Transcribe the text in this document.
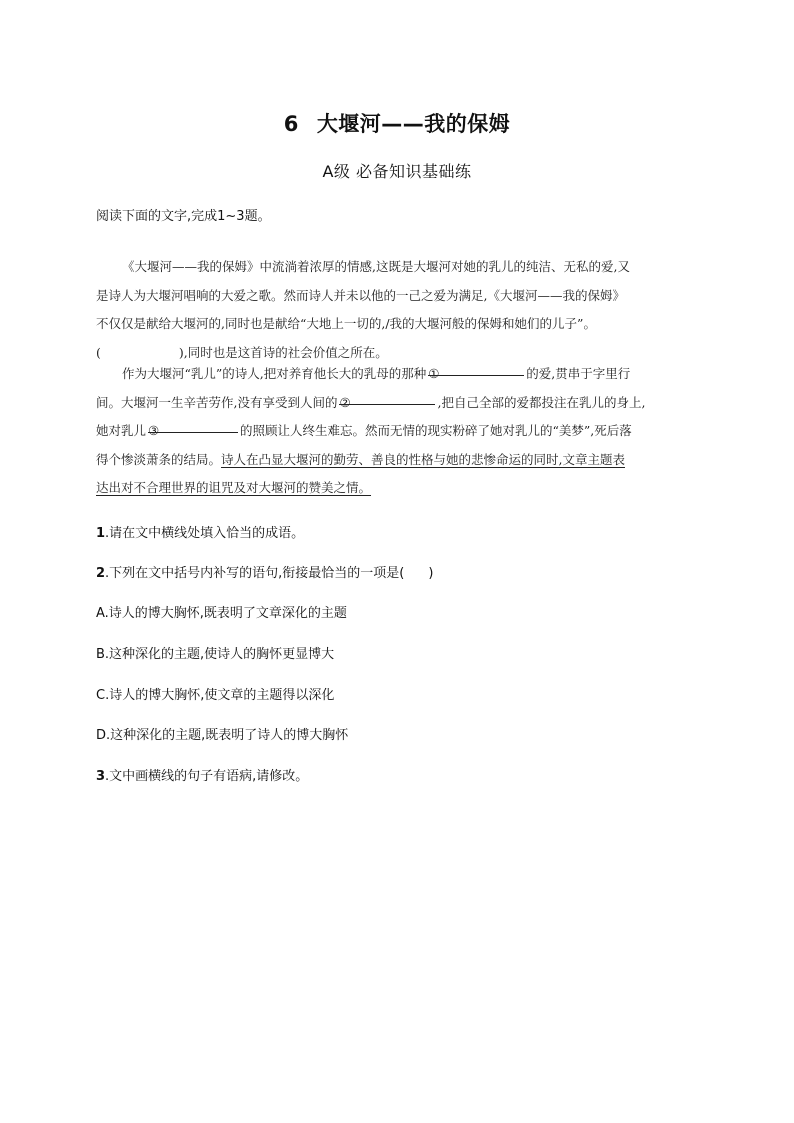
6 大堰河——我的保姆
A级 必备知识基础练
阅读下面的文字,完成1~3题。
《大堰河——我的保姆》中流淌着浓厚的情感,这既是大堰河对她的乳儿的纯洁、无私的爱,又
是诗人为大堰河唱响的大爱之歌。然而诗人并未以他的一己之爱为满足,《大堰河——我的保姆》
不仅仅是献给大堰河的,同时也是献给“大地上一切的,/我的大堰河般的保姆和她们的儿子”。
(	),同时也是这首诗的社会价值之所在。
作为大堰河“乳儿”的诗人,把对养育他长大的乳母的那种 ①	的爱,贯串于字里行
间。大堰河一生辛苦劳作,没有享受到人间的 ②	,把自己全部的爱都投注在乳儿的身上,
她对乳儿 ③	的照顾让人终生难忘。然而无情的现实粉碎了她对乳儿的“美梦”,死后落
得个惨淡萧条的结局。诗人在凸显大堰河的勤劳、善良的性格与她的悲惨命运的同时,文章主题表
达出对不合理世界的诅咒及对大堰河的赞美之情。
1.请在文中横线处填入恰当的成语。
2.下列在文中括号内补写的语句,衔接最恰当的一项是( )
A.诗人的博大胸怀,既表明了文章深化的主题
B.这种深化的主题,使诗人的胸怀更显博大
C.诗人的博大胸怀,使文章的主题得以深化
D.这种深化的主题,既表明了诗人的博大胸怀
3.文中画横线的句子有语病,请修改。
